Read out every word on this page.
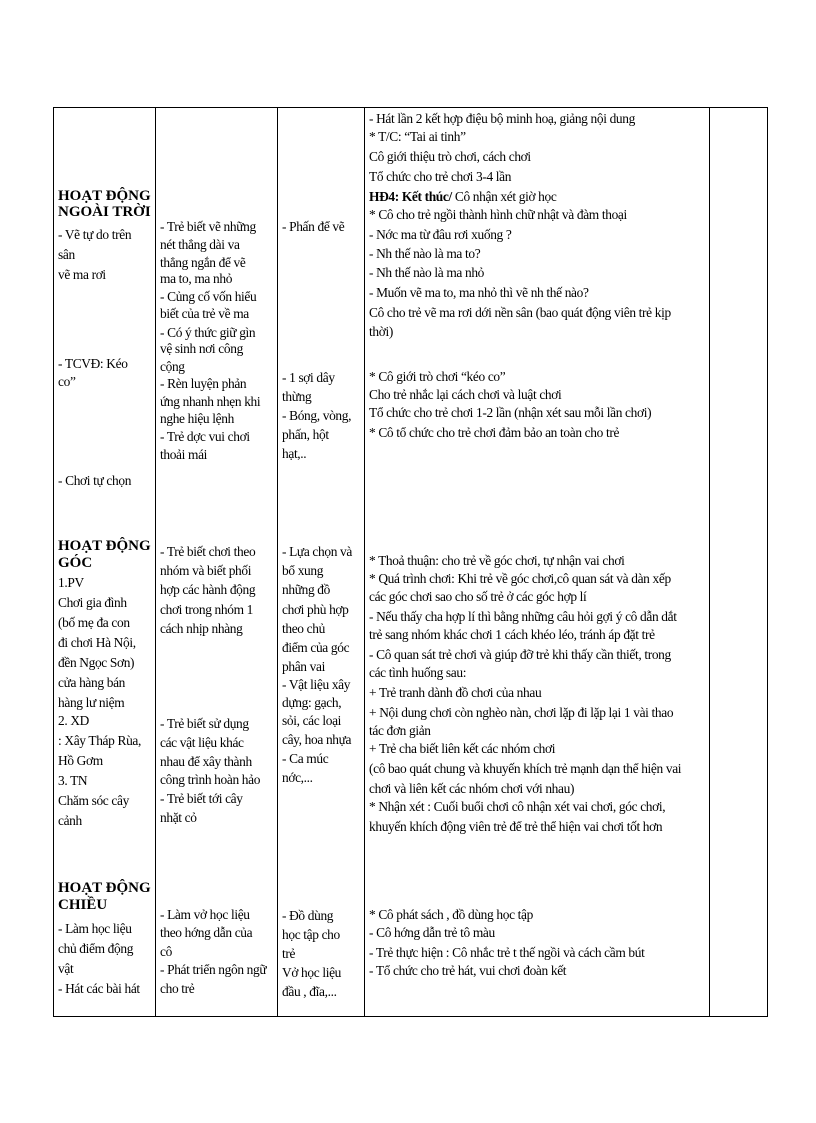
HOẠT ĐỘNG
NGOÀI TRỜI
- Vẽ tự do trên
sân
vẽ ma rơi
- TCVĐ: Kéo
co”
- Chơi tự chọn
HOẠT ĐỘNG
GÓC
1.PV
Chơi gia đình
(bố mẹ đa con
đi chơi Hà Nội,
đền Ngọc Sơn)
cửa hàng bán
hàng lư niệm
2. XD
: Xây Tháp Rùa,
Hồ Gơm
3. TN
Chăm sóc cây
cảnh
HOẠT ĐỘNG
CHIỀU
- Làm học liệu
chủ điểm động
vật
- Hát các bài hát
- Trẻ biết vẽ những
nét thẳng dài va
thẳng ngắn để vẽ
ma to, ma nhỏ
- Củng cố vốn hiểu
biết của trẻ về ma
- Có ý thức giữ gìn
vệ sinh nơi công
cộng
- Rèn luyện phản
ứng nhanh nhẹn khi
nghe hiệu lệnh
- Trẻ dợc vui chơi
thoải mái
- Trẻ biết chơi theo
nhóm và biết phối
hợp các hành động
chơi trong nhóm 1
cách nhịp nhàng
- Trẻ biết sử dụng
các vật liệu khác
nhau để xây thành
công trình hoàn hảo
- Trẻ biết tới cây
nhặt cỏ
- Làm vở học liệu
theo hớng dẫn của
cô
- Phát triển ngôn ngữ
cho trẻ
- Phấn để vẽ
- 1 sợi dây
thừng
- Bóng, vòng,
phấn, hột
hạt,..
- Lựa chọn và
bổ xung
những đồ
chơi phù hợp
theo chủ
điểm của góc
phân vai
- Vật liệu xây
dựng: gạch,
sỏi, các loại
cây, hoa nhựa
- Ca múc
nớc,...
- Đồ dùng
học tập cho
trẻ
Vở học liệu
đầu , đĩa,...
- Hát lần 2 kết hợp điệu bộ minh hoạ, giảng nội dung
* T/C: “Tai ai tinh”
Cô giới thiệu trò chơi, cách chơi
Tổ chức cho trẻ chơi 3-4 lần
HĐ4: Kết thúc/ Cô nhận xét giờ học
* Cô cho trẻ ngồi thành hình chữ nhật và đàm thoại
- Nớc ma từ đâu rơi xuống ?
- Nh thế nào là ma to?
- Nh thế nào là ma nhỏ
- Muốn vẽ ma to, ma nhỏ thì vẽ nh thế nào?
Cô cho trẻ vẽ ma rơi dới nền sân (bao quát động viên trẻ kịp
thời)
* Cô giới trò chơi “kéo co”
Cho trẻ nhắc lại cách chơi và luật chơi
Tổ chức cho trẻ chơi 1-2 lần (nhận xét sau mỗi lần chơi)
* Cô tổ chức cho trẻ chơi đảm bảo an toàn cho trẻ
* Thoả thuận: cho trẻ về góc chơi, tự nhận vai chơi
* Quá trình chơi: Khi trẻ về góc chơi,cô quan sát và dàn xếp
các góc chơi sao cho số trẻ ở các góc hợp lí
- Nếu thấy cha hợp lí thì bằng những câu hỏi gợi ý cô dẫn dắt
trẻ sang nhóm khác chơi 1 cách khéo léo, tránh áp đặt trẻ
- Cô quan sát trẻ chơi và giúp đỡ trẻ khi thấy cần thiết, trong
các tình huống sau:
+ Trẻ tranh dành đồ chơi của nhau
+ Nội dung chơi còn nghèo nàn, chơi lặp đi lặp lại 1 vài thao
tác đơn giản
+ Trẻ cha biết liên kết các nhóm chơi
(cô bao quát chung và khuyến khích trẻ mạnh dạn thể hiện vai
chơi và liên kết các nhóm chơi với nhau)
* Nhận xét : Cuối buổi chơi cô nhận xét vai chơi, góc chơi,
khuyến khích động viên trẻ để trẻ thể hiện vai chơi tốt hơn
* Cô phát sách , đồ dùng học tập
- Cô hớng dẫn trẻ tô màu
- Trẻ thực hiện : Cô nhắc trẻ t thế ngồi và cách cầm bút
- Tổ chức cho trẻ hát, vui chơi đoàn kết
